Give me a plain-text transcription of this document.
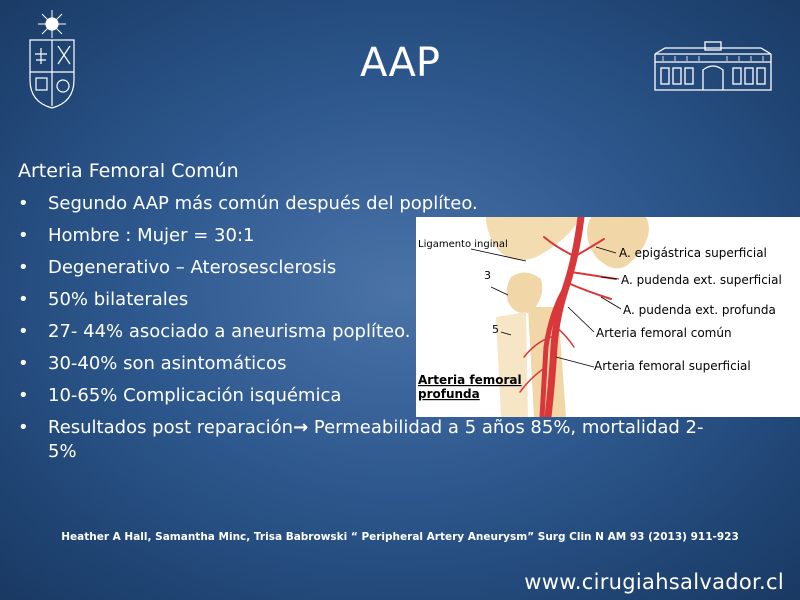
AAP
Arteria Femoral Común
• Segundo AAP más común después del poplíteo.
• Hombre : Mujer = 30:1
• Degenerativo – Aterosesclerosis
• 50% bilaterales
• 27- 44% asociado a aneurisma poplíteo.
• 30-40% son asintomáticos
• 10-65% Complicación isquémica
• Resultados post reparación→ Permeabilidad a 5 años 85%, mortalidad 2-5%
Ligamento inginal
3
5
A. epigástrica superficial
A. pudenda ext. superficial
A. pudenda ext. profunda
Arteria femoral común
Arteria femoral superficial
Arteria femoral
profunda
Heather A Hall, Samantha Minc, Trisa Babrowski “ Peripheral Artery Aneurysm” Surg Clin N AM 93 (2013) 911-923
www.cirugiahsalvador.cl
